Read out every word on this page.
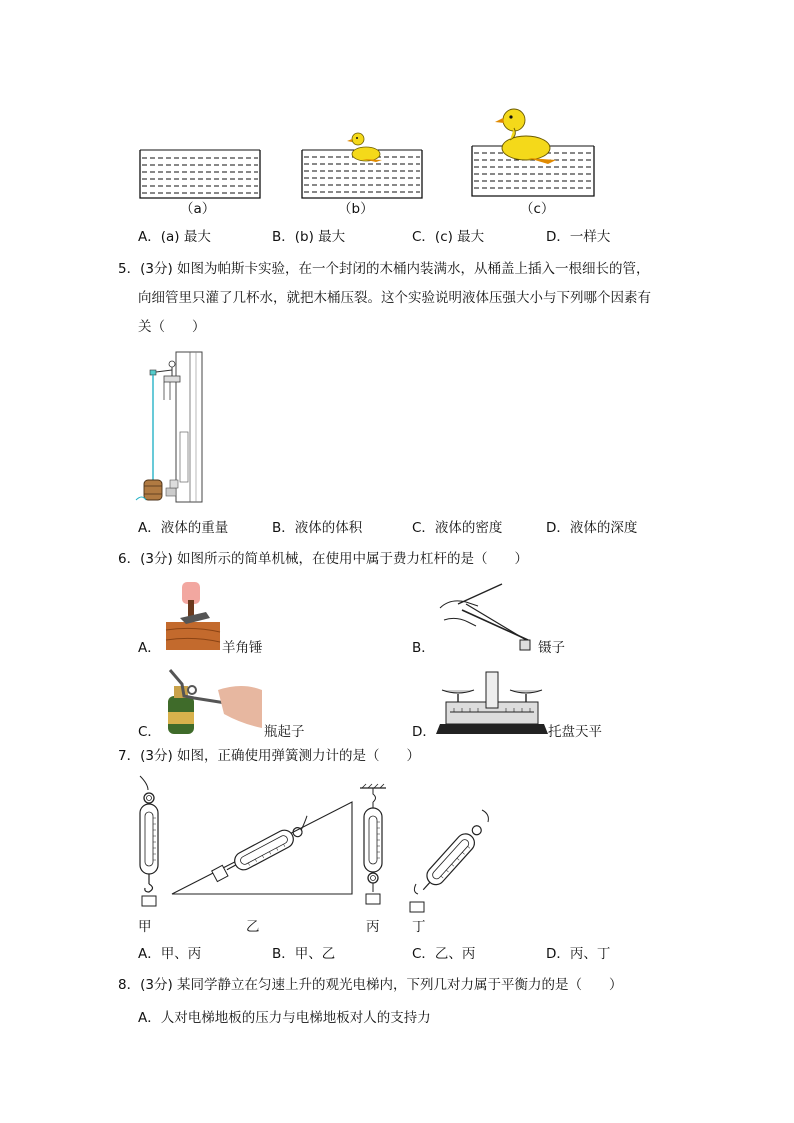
（a）	（b）	（c）
A．(a) 最大	B．(b) 最大	C．(c) 最大	D．一样大
5．(3分) 如图为帕斯卡实验，在一个封闭的木桶内装满水，从桶盖上插入一根细长的管，
向细管里只灌了几杯水，就把木桶压裂。这个实验说明液体压强大小与下列哪个因素有
关（　　）
A．液体的重量	B．液体的体积	C．液体的密度	D．液体的深度
6．(3分) 如图所示的简单机械，在使用中属于费力杠杆的是（　　）
A．	羊角锤	B．	镊子
C．	瓶起子	D．	托盘天平
7．(3分) 如图，正确使用弹簧测力计的是（　　）
甲	乙	丙 丁
A．甲、丙	B．甲、乙	C．乙、丙	D．丙、丁
8．(3分) 某同学静立在匀速上升的观光电梯内，下列几对力属于平衡力的是（　　）
A．人对电梯地板的压力与电梯地板对人的支持力
